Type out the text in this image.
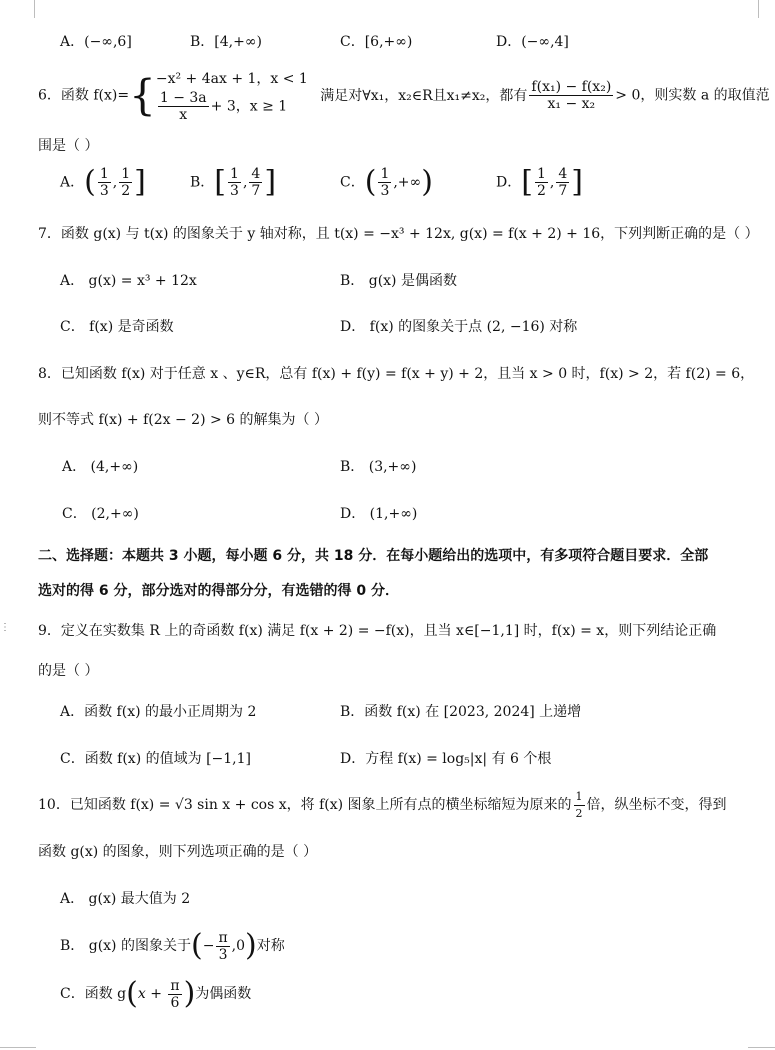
⋮
A．(−∞,6]	B．[4,+∞)	C．[6,+∞)	D．(−∞,4]
6．函数 f(x)={ −x² + 4ax + 1，x < 1
$\frac{1 - 3a}{x} + 3$，x ≥ 1
满足对∀x₁，x₂∈R且x₁≠x₂，都有 $\frac{\text{f(x₁) − f(x₂)}}{\text{x₁ − x₂}} > 0$，则实数 a 的取值范
围是（ ）
A．( $\frac{1}{3}$ , $\frac{1}{2}$ ]	B．[ $\frac{1}{3}$ , $\frac{4}{7}$ ]	C．( $\frac{1}{3}$ ,+∞)	D．[ $\frac{1}{2}$ , $\frac{4}{7}$ ]
7．函数 g(x) 与 t(x) 的图象关于 y 轴对称，且 t(x) = −x³ + 12x, g(x) = f(x + 2) + 16，下列判断正确的是（ ）
A． g(x) = x³ + 12x	B． g(x) 是偶函数
C． f(x) 是奇函数	D． f(x) 的图象关于点 (2, −16) 对称
8．已知函数 f(x) 对于任意 x 、y∈R，总有 f(x) + f(y) = f(x + y) + 2，且当 x > 0 时，f(x) > 2，若 f(2) = 6，
则不等式 f(x) + f(2x − 2) > 6 的解集为（ ）
A． (4,+∞)	B． (3,+∞)
C． (2,+∞)	D． (1,+∞)
二、选择题：本题共 3 小题，每小题 6 分，共 18 分．在每小题给出的选项中，有多项符合题目要求．全部
选对的得 6 分，部分选对的得部分分，有选错的得 0 分．
9．定义在实数集 R 上的奇函数 f(x) 满足 f(x + 2) = −f(x)，且当 x∈[−1,1] 时，f(x) = x，则下列结论正确
的是（ ）
A．函数 f(x) 的最小正周期为 2	B．函数 f(x) 在 [2023, 2024] 上递增
C．函数 f(x) 的值域为 [−1,1]	D．方程 f(x) = log₅|x| 有 6 个根
10．已知函数 f(x) = √3 sin x + cos x，将 f(x) 图象上所有点的横坐标缩短为原来的 $\frac{1}{2}$ 倍，纵坐标不变，得到
函数 g(x) 的图象，则下列选项正确的是（ ）
A． g(x) 最大值为 2
B． g(x) 的图象关于(− $\frac{\pi}{3} ,0$)对称
C．函数 $g(x + \frac{\pi}{6}$ )为偶函数
